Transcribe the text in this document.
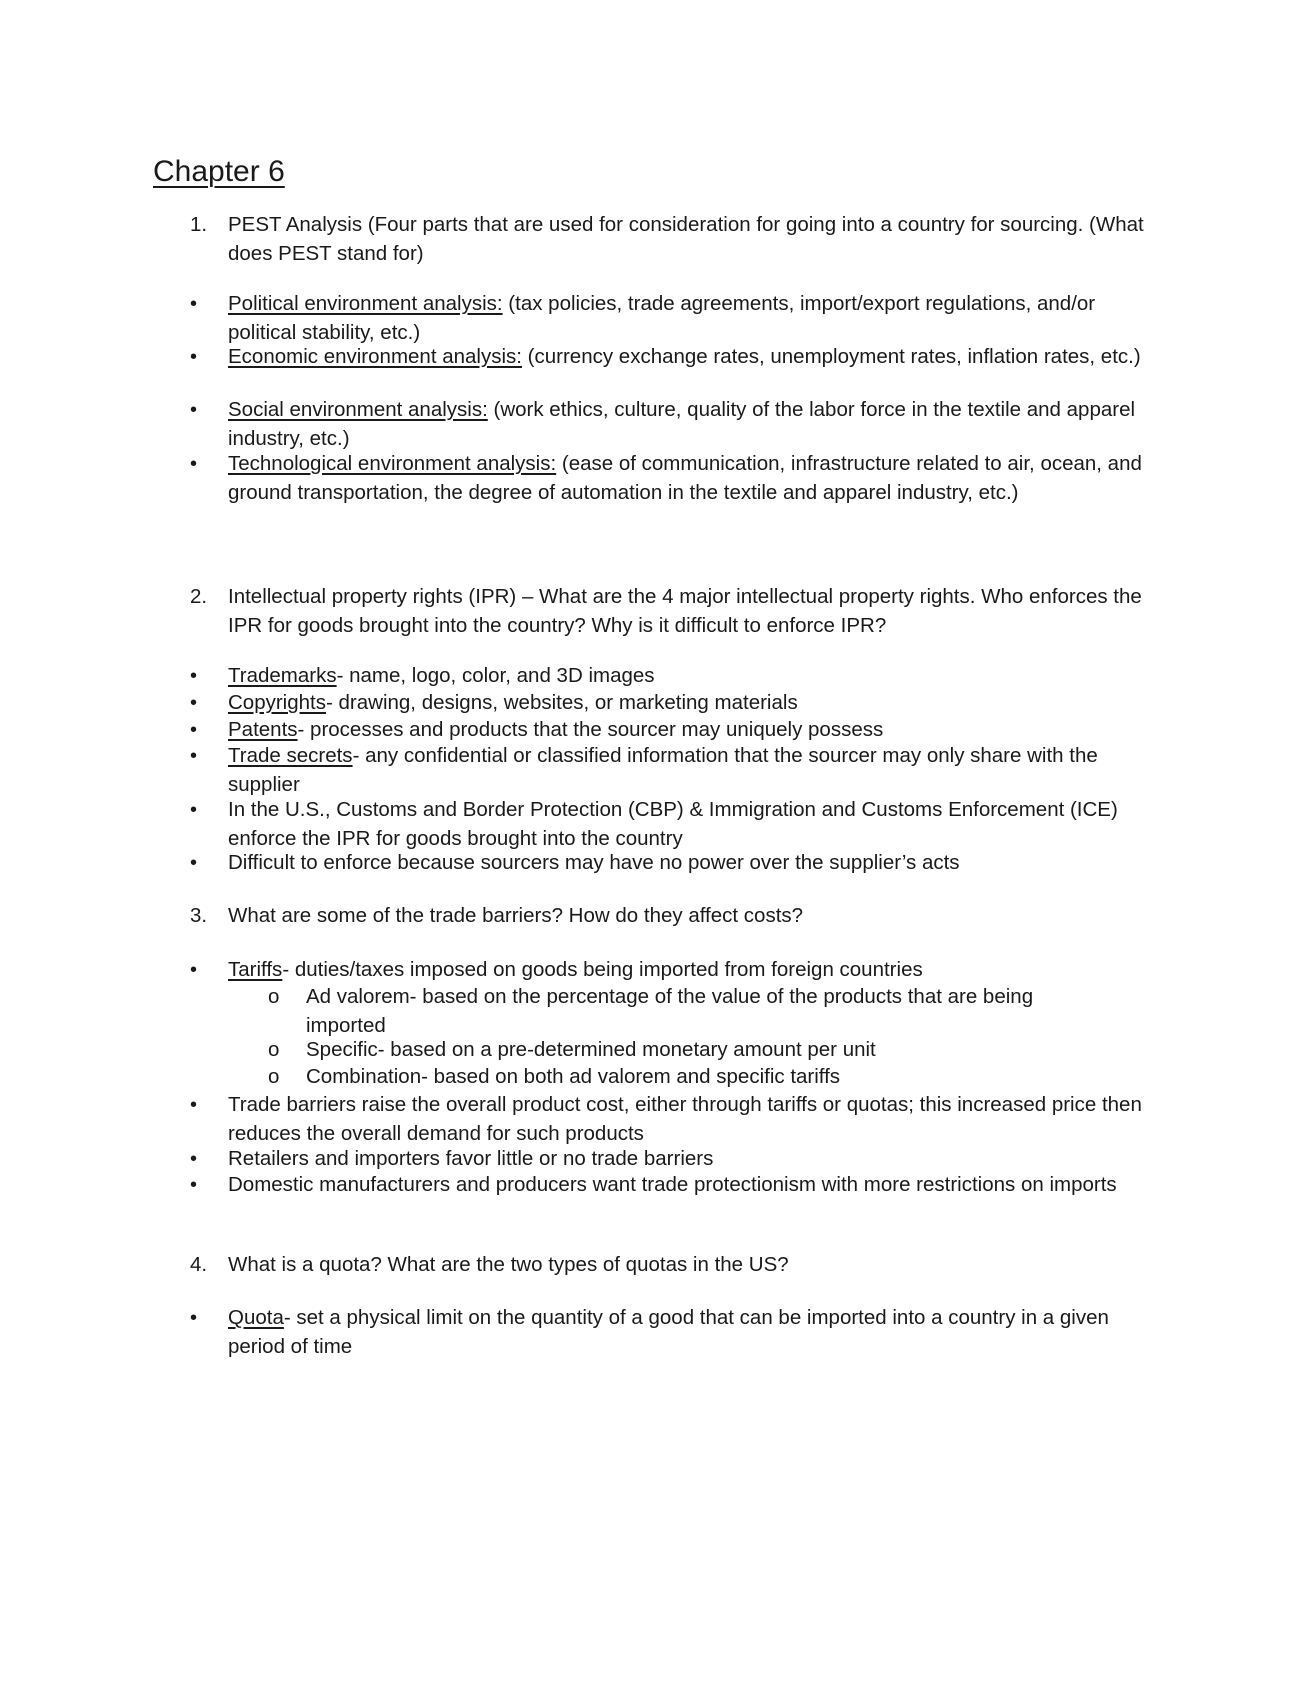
Chapter 6
1.	PEST Analysis (Four parts that are used for consideration for going into a country for sourcing. (What does PEST stand for)
•	Political environment analysis: (tax policies, trade agreements, import/export regulations, and/or political stability, etc.)
•	Economic environment analysis: (currency exchange rates, unemployment rates, inflation rates, etc.)
•	Social environment analysis: (work ethics, culture, quality of the labor force in the textile and apparel industry, etc.)
•	Technological environment analysis: (ease of communication, infrastructure related to air, ocean, and ground transportation, the degree of automation in the textile and apparel industry, etc.)
2.	Intellectual property rights (IPR) – What are the 4 major intellectual property rights. Who enforces the IPR for goods brought into the country? Why is it difficult to enforce IPR?
•	Trademarks- name, logo, color, and 3D images
•	Copyrights- drawing, designs, websites, or marketing materials
•	Patents- processes and products that the sourcer may uniquely possess
•	Trade secrets- any confidential or classified information that the sourcer may only share with the supplier
•	In the U.S., Customs and Border Protection (CBP) & Immigration and Customs Enforcement (ICE) enforce the IPR for goods brought into the country
•	Difficult to enforce because sourcers may have no power over the supplier’s acts
3.	What are some of the trade barriers? How do they affect costs?
•	Tariffs- duties/taxes imposed on goods being imported from foreign countries
o	Ad valorem- based on the percentage of the value of the products that are being imported
o	Specific- based on a pre-determined monetary amount per unit
o	Combination- based on both ad valorem and specific tariffs
•	Trade barriers raise the overall product cost, either through tariffs or quotas; this increased price then reduces the overall demand for such products
•	Retailers and importers favor little or no trade barriers
•	Domestic manufacturers and producers want trade protectionism with more restrictions on imports
4.	What is a quota? What are the two types of quotas in the US?
•	Quota- set a physical limit on the quantity of a good that can be imported into a country in a given period of time
